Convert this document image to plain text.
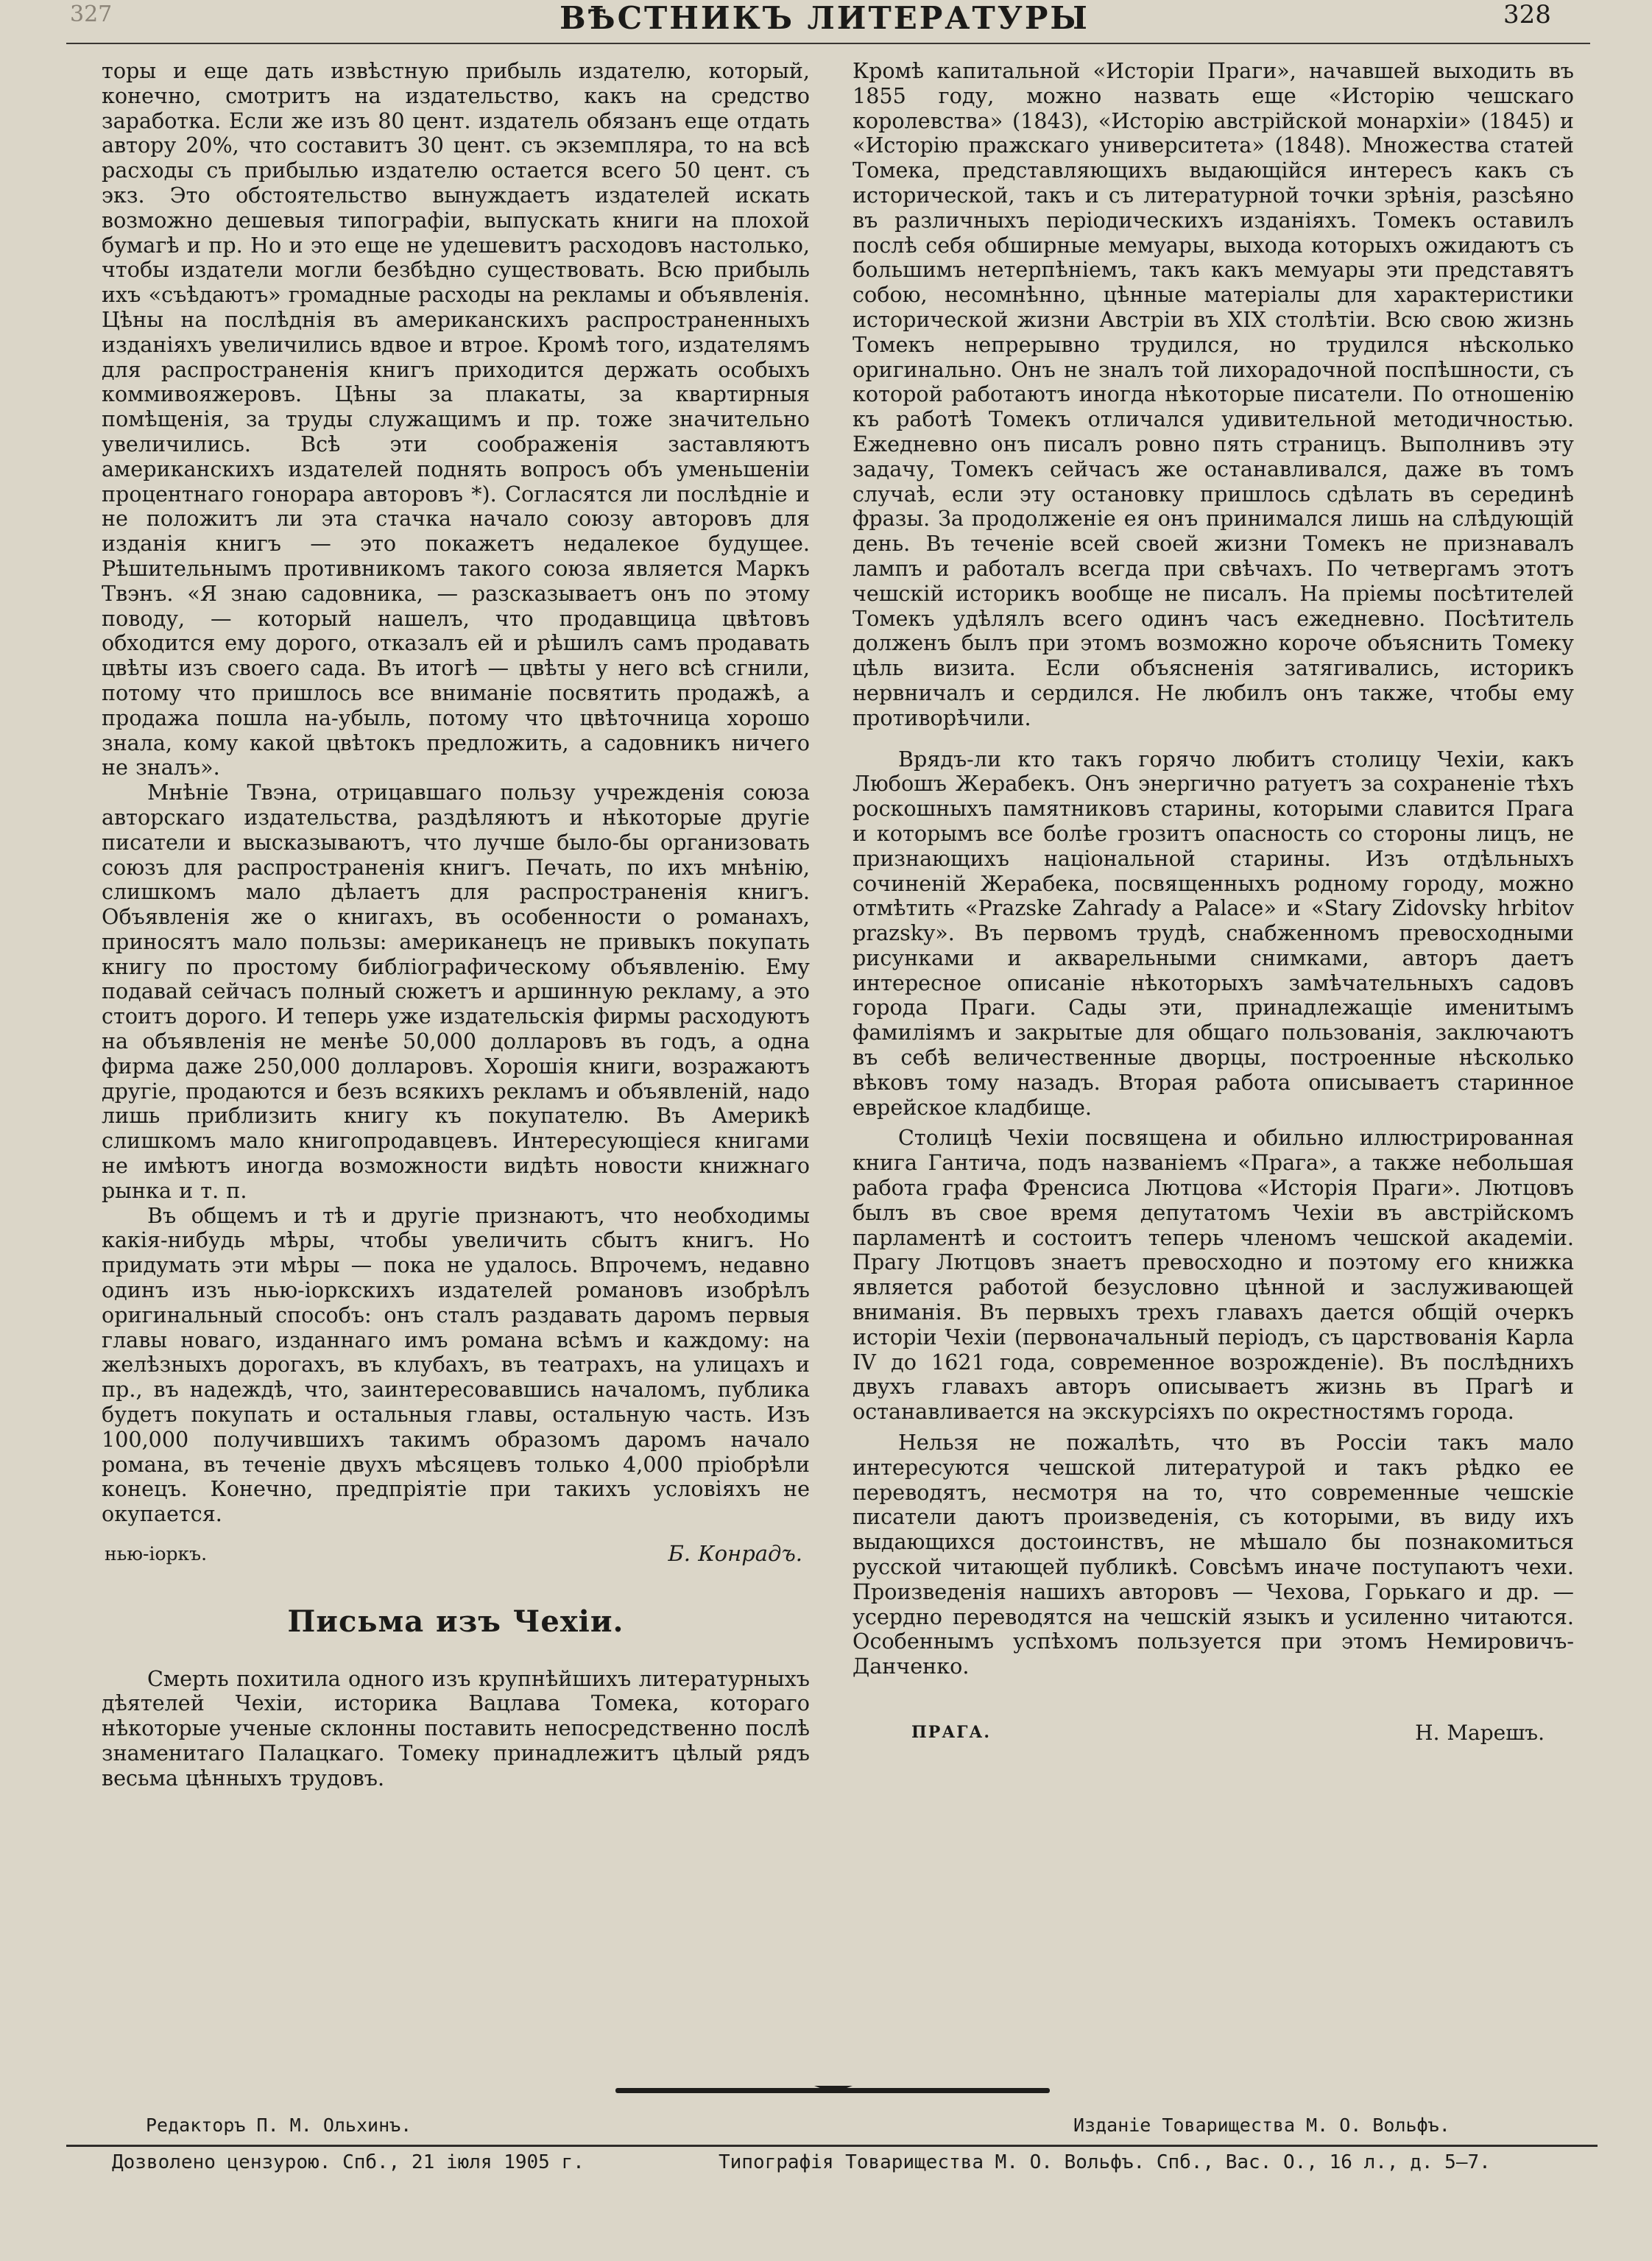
327	ВѢСТНИКЪ ЛИТЕРАТУРЫ	328

торы и еще дать извѣстную прибыль издателю, который, конечно, смотритъ на издательство, какъ на средство заработка. Если же изъ 80 цент. издатель обязанъ еще отдать автору 20%, что составитъ 30 цент. съ экземпляра, то на всѣ расходы съ прибылью издателю остается всего 50 цент. съ экз. Это обстоятельство вынуждаетъ издателей искать возможно дешевыя типографіи, выпускать книги на плохой бумагѣ и пр. Но и это еще не удешевитъ расходовъ настолько, чтобы издатели могли безбѣдно существовать. Всю прибыль ихъ «съѣдаютъ» громадные расходы на рекламы и объявленія. Цѣны на послѣднія въ американскихъ распространенныхъ изданіяхъ увеличились вдвое и втрое. Кромѣ того, издателямъ для распространенія книгъ приходится держать особыхъ коммивояжеровъ. Цѣны за плакаты, за квартирныя помѣщенія, за труды служащимъ и пр. тоже значительно увеличились. Всѣ эти соображенія заставляютъ американскихъ издателей поднять вопросъ объ уменьшеніи процентнаго гонорара авторовъ *). Согласятся ли послѣдніе и не положитъ ли эта стачка начало союзу авторовъ для изданія книгъ — это покажетъ недалекое будущее. Рѣшительнымъ противникомъ такого союза является Маркъ Твэнъ. «Я знаю садовника, — разсказываетъ онъ по этому поводу, — который нашелъ, что продавщица цвѣтовъ обходится ему дорого, отказалъ ей и рѣшилъ самъ продавать цвѣты изъ своего сада. Въ итогѣ — цвѣты у него всѣ сгнили, потому что пришлось все вниманіе посвятить продажѣ, а продажа пошла на-убыль, потому что цвѣточница хорошо знала, кому какой цвѣтокъ предложить, а садовникъ ничего не зналъ».

Мнѣніе Твэна, отрицавшаго пользу учрежденія союза авторскаго издательства, раздѣляютъ и нѣкоторые другіе писатели и высказываютъ, что лучше было-бы организовать союзъ для распространенія книгъ. Печать, по ихъ мнѣнію, слишкомъ мало дѣлаетъ для распространенія книгъ. Объявленія же о книгахъ, въ особенности о романахъ, приносятъ мало пользы: американецъ не привыкъ покупать книгу по простому библіографическому объявленію. Ему подавай сейчасъ полный сюжетъ и аршинную рекламу, а это стоитъ дорого. И теперь уже издательскія фирмы расходуютъ на объявленія не менѣе 50,000 долларовъ въ годъ, а одна фирма даже 250,000 долларовъ. Хорошія книги, возражаютъ другіе, продаются и безъ всякихъ рекламъ и объявленій, надо лишь приблизить книгу къ покупателю. Въ Америкѣ слишкомъ мало книгопродавцевъ. Интересующіеся книгами не имѣютъ иногда возможности видѣть новости книжнаго рынка и т. п.

Въ общемъ и тѣ и другіе признаютъ, что необходимы какія-нибудь мѣры, чтобы увеличить сбытъ книгъ. Но придумать эти мѣры — пока не удалось. Впрочемъ, недавно одинъ изъ нью-іоркскихъ издателей романовъ изобрѣлъ оригинальный способъ: онъ сталъ раздавать даромъ первыя главы новаго, изданнаго имъ романа всѣмъ и каждому: на желѣзныхъ дорогахъ, въ клубахъ, въ театрахъ, на улицахъ и пр., въ надеждѣ, что, заинтересовавшись началомъ, публика будетъ покупать и остальныя главы, остальную часть. Изъ 100,000 получившихъ такимъ образомъ даромъ начало романа, въ теченіе двухъ мѣсяцевъ только 4,000 пріобрѣли конецъ. Конечно, предпріятіе при такихъ условіяхъ не окупается.

нью-іоркъ.	Б. Конрадъ.
Письма изъ Чехіи.

Смерть похитила одного изъ крупнѣйшихъ литературныхъ дѣятелей Чехіи, историка Вацлава Томека, котораго нѣкоторые ученые склонны поставить непосредственно послѣ знаменитаго Палацкаго. Томеку принадлежитъ цѣлый рядъ весьма цѣнныхъ трудовъ.

Кромѣ капитальной «Исторіи Праги», начавшей выходить въ 1855 году, можно назвать еще «Исторію чешскаго королевства» (1843), «Исторію австрійской монархіи» (1845) и «Исторію пражскаго университета» (1848). Множества статей Томека, представляющихъ выдающійся интересъ какъ съ исторической, такъ и съ литературной точки зрѣнія, разсѣяно въ различныхъ періодическихъ изданіяхъ. Томекъ оставилъ послѣ себя обширные мемуары, выхода которыхъ ожидаютъ съ большимъ нетерпѣніемъ, такъ какъ мемуары эти представятъ собою, несомнѣнно, цѣнные матеріалы для характеристики исторической жизни Австріи въ XIX столѣтіи. Всю свою жизнь Томекъ непрерывно трудился, но трудился нѣсколько оригинально. Онъ не зналъ той лихорадочной поспѣшности, съ которой работаютъ иногда нѣкоторые писатели. По отношенію къ работѣ Томекъ отличался удивительной методичностью. Ежедневно онъ писалъ ровно пять страницъ. Выполнивъ эту задачу, Томекъ сейчасъ же останавливался, даже въ томъ случаѣ, если эту остановку пришлось сдѣлать въ серединѣ фразы. За продолженіе ея онъ принимался лишь на слѣдующій день. Въ теченіе всей своей жизни Томекъ не признавалъ лампъ и работалъ всегда при свѣчахъ. По четвергамъ этотъ чешскій историкъ вообще не писалъ. На пріемы посѣтителей Томекъ удѣлялъ всего одинъ часъ ежедневно. Посѣтитель долженъ былъ при этомъ возможно короче объяснить Томеку цѣль визита. Если объясненія затягивались, историкъ нервничалъ и сердился. Не любилъ онъ также, чтобы ему противорѣчили.

Врядъ-ли кто такъ горячо любитъ столицу Чехіи, какъ Любошъ Жерабекъ. Онъ энергично ратуетъ за сохраненіе тѣхъ роскошныхъ памятниковъ старины, которыми славится Прага и которымъ все болѣе грозитъ опасность со стороны лицъ, не признающихъ національной старины. Изъ отдѣльныхъ сочиненій Жерабека, посвященныхъ родному городу, можно отмѣтить «Prazske Zahrady a Palace» и «Stary Zidovsky hrbitov prazsky». Въ первомъ трудѣ, снабженномъ превосходными рисунками и акварельными снимками, авторъ даетъ интересное описаніе нѣкоторыхъ замѣчательныхъ садовъ города Праги. Сады эти, принадлежащіе именитымъ фамиліямъ и закрытые для общаго пользованія, заключаютъ въ себѣ величественные дворцы, построенные нѣсколько вѣковъ тому назадъ. Вторая работа описываетъ старинное еврейское кладбище.

Столицѣ Чехіи посвящена и обильно иллюстрированная книга Гантича, подъ названіемъ «Прага», а также небольшая работа графа Френсиса Лютцова «Исторія Праги». Лютцовъ былъ въ свое время депутатомъ Чехіи въ австрійскомъ парламентѣ и состоитъ теперь членомъ чешской академіи. Прагу Лютцовъ знаетъ превосходно и поэтому его книжка является работой безусловно цѣнной и заслуживающей вниманія. Въ первыхъ трехъ главахъ дается общій очеркъ исторіи Чехіи (первоначальный періодъ, съ царствованія Карла IV до 1621 года, современное возрожденіе). Въ послѣднихъ двухъ главахъ авторъ описываетъ жизнь въ Прагѣ и останавливается на экскурсіяхъ по окрестностямъ города.

Нельзя не пожалѣть, что въ Россіи такъ мало интересуются чешской литературой и такъ рѣдко ее переводятъ, несмотря на то, что современные чешскіе писатели даютъ произведенія, съ которыми, въ виду ихъ выдающихся достоинствъ, не мѣшало бы познакомиться русской читающей публикѣ. Совсѣмъ иначе поступаютъ чехи. Произведенія нашихъ авторовъ — Чехова, Горькаго и др. — усердно переводятся на чешскій языкъ и усиленно читаются. Особеннымъ успѣхомъ пользуется при этомъ Немировичъ-Данченко.

ПРАГА.	Н. Марешъ.
Редакторъ П. М. Ольхинъ.	Изданіе Товарищества М. О. Вольфъ.
Дозволено цензурою. Спб., 21 іюля 1905 г.	Типографія Товарищества М. О. Вольфъ. Спб., Вас. О., 16 л., д. 5—7.
